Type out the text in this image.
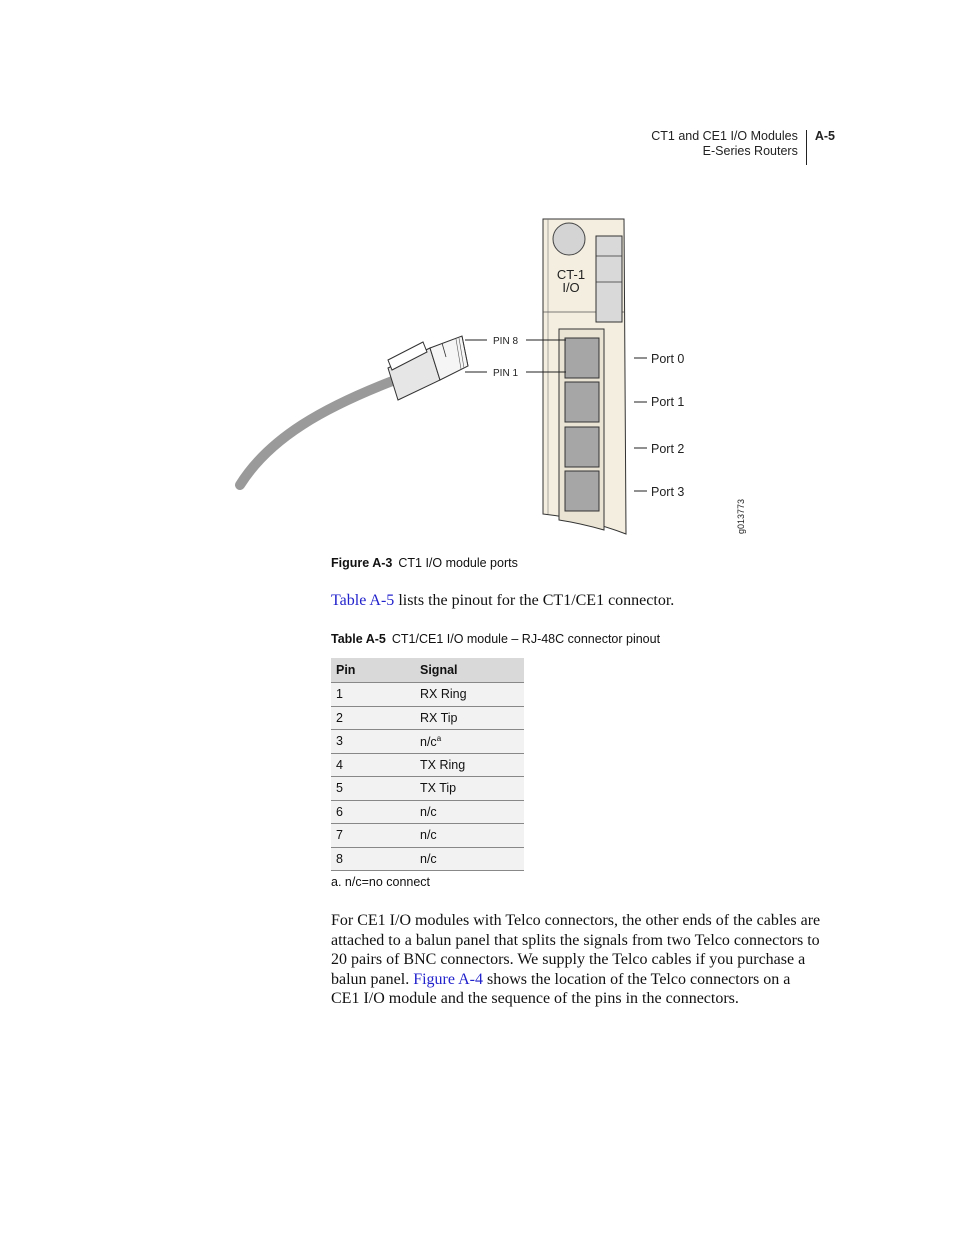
CT1 and CE1 I/O Modules
E-Series Routers
A-5
CT-1
I/O
PIN 8
PIN 1
Port 0
Port 1
Port 2
Port 3
g013773
Figure A-3 CT1 I/O module ports
Table A-5 lists the pinout for the CT1/CE1 connector.
Table A-5 CT1/CE1 I/O module – RJ-48C connector pinout
Pin	Signal
1	RX Ring
2	RX Tip
3	$n/c^a$
4	TX Ring
5	TX Tip
6	n/c
7	n/c
8	n/c
a. n/c=no connect
For CE1 I/O modules with Telco connectors, the other ends of the cables are attached to a balun panel that splits the signals from two Telco connectors to 20 pairs of BNC connectors. We supply the Telco cables if you purchase a balun panel. Figure A-4 shows the location of the Telco connectors on a CE1 I/O module and the sequence of the pins in the connectors.
